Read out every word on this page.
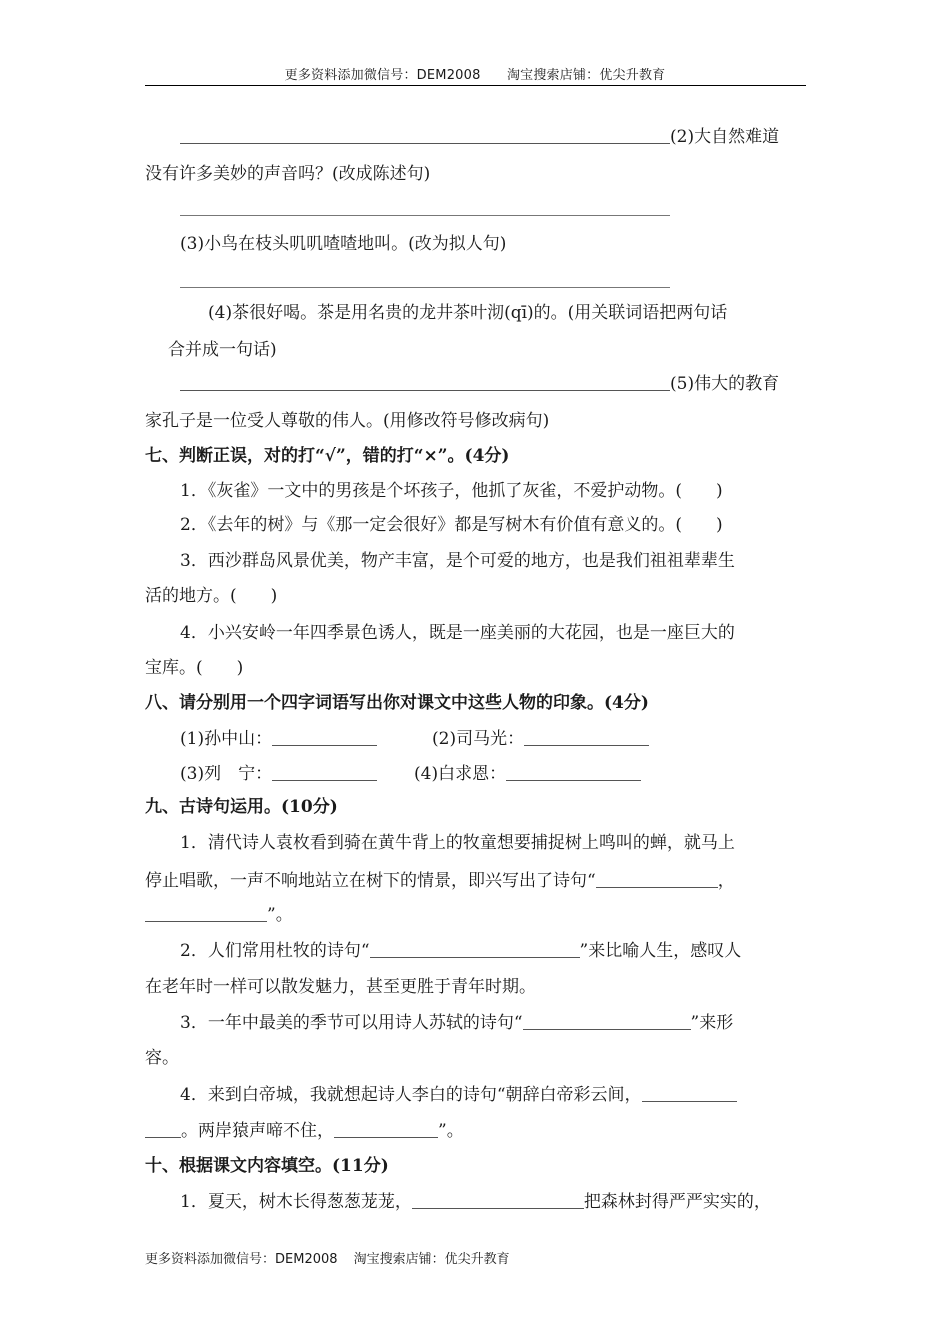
更多资料添加微信号：DEM2008 淘宝搜索店铺：优尖升教育
(2)大自然难道
没有许多美妙的声音吗？(改成陈述句)
(3)小鸟在枝头叽叽喳喳地叫。(改为拟人句)
(4)茶很好喝。茶是用名贵的龙井茶叶沏(qī)的。(用关联词语把两句话
合并成一句话)
(5)伟大的教育
家孔子是一位受人尊敬的伟人。(用修改符号修改病句)
七、判断正误，对的打“√”，错的打“×”。(4分)
1．《灰雀》一文中的男孩是个坏孩子，他抓了灰雀，不爱护动物。(　　)
2．《去年的树》与《那一定会很好》都是写树木有价值有意义的。(　　)
3．西沙群岛风景优美，物产丰富，是个可爱的地方，也是我们祖祖辈辈生
活的地方。(　　)
4．小兴安岭一年四季景色诱人，既是一座美丽的大花园，也是一座巨大的
宝库。(　　)
八、请分别用一个四字词语写出你对课文中这些人物的印象。(4分)
(1)孙中山：	(2)司马光：
(3)列　宁：	(4)白求恩：
九、古诗句运用。(10分)
1．清代诗人袁枚看到骑在黄牛背上的牧童想要捕捉树上鸣叫的蝉，就马上
停止唱歌，一声不响地站立在树下的情景，即兴写出了诗句“	，
”。
2．人们常用杜牧的诗句“	”来比喻人生，感叹人
在老年时一样可以散发魅力，甚至更胜于青年时期。
3．一年中最美的季节可以用诗人苏轼的诗句“	”来形
容。
4．来到白帝城，我就想起诗人李白的诗句“朝辞白帝彩云间，
。两岸猿声啼不住，	”。
十、根据课文内容填空。(11分)
1．夏天，树木长得葱葱茏茏，	把森林封得严严实实的，
更多资料添加微信号：DEM2008 淘宝搜索店铺：优尖升教育
